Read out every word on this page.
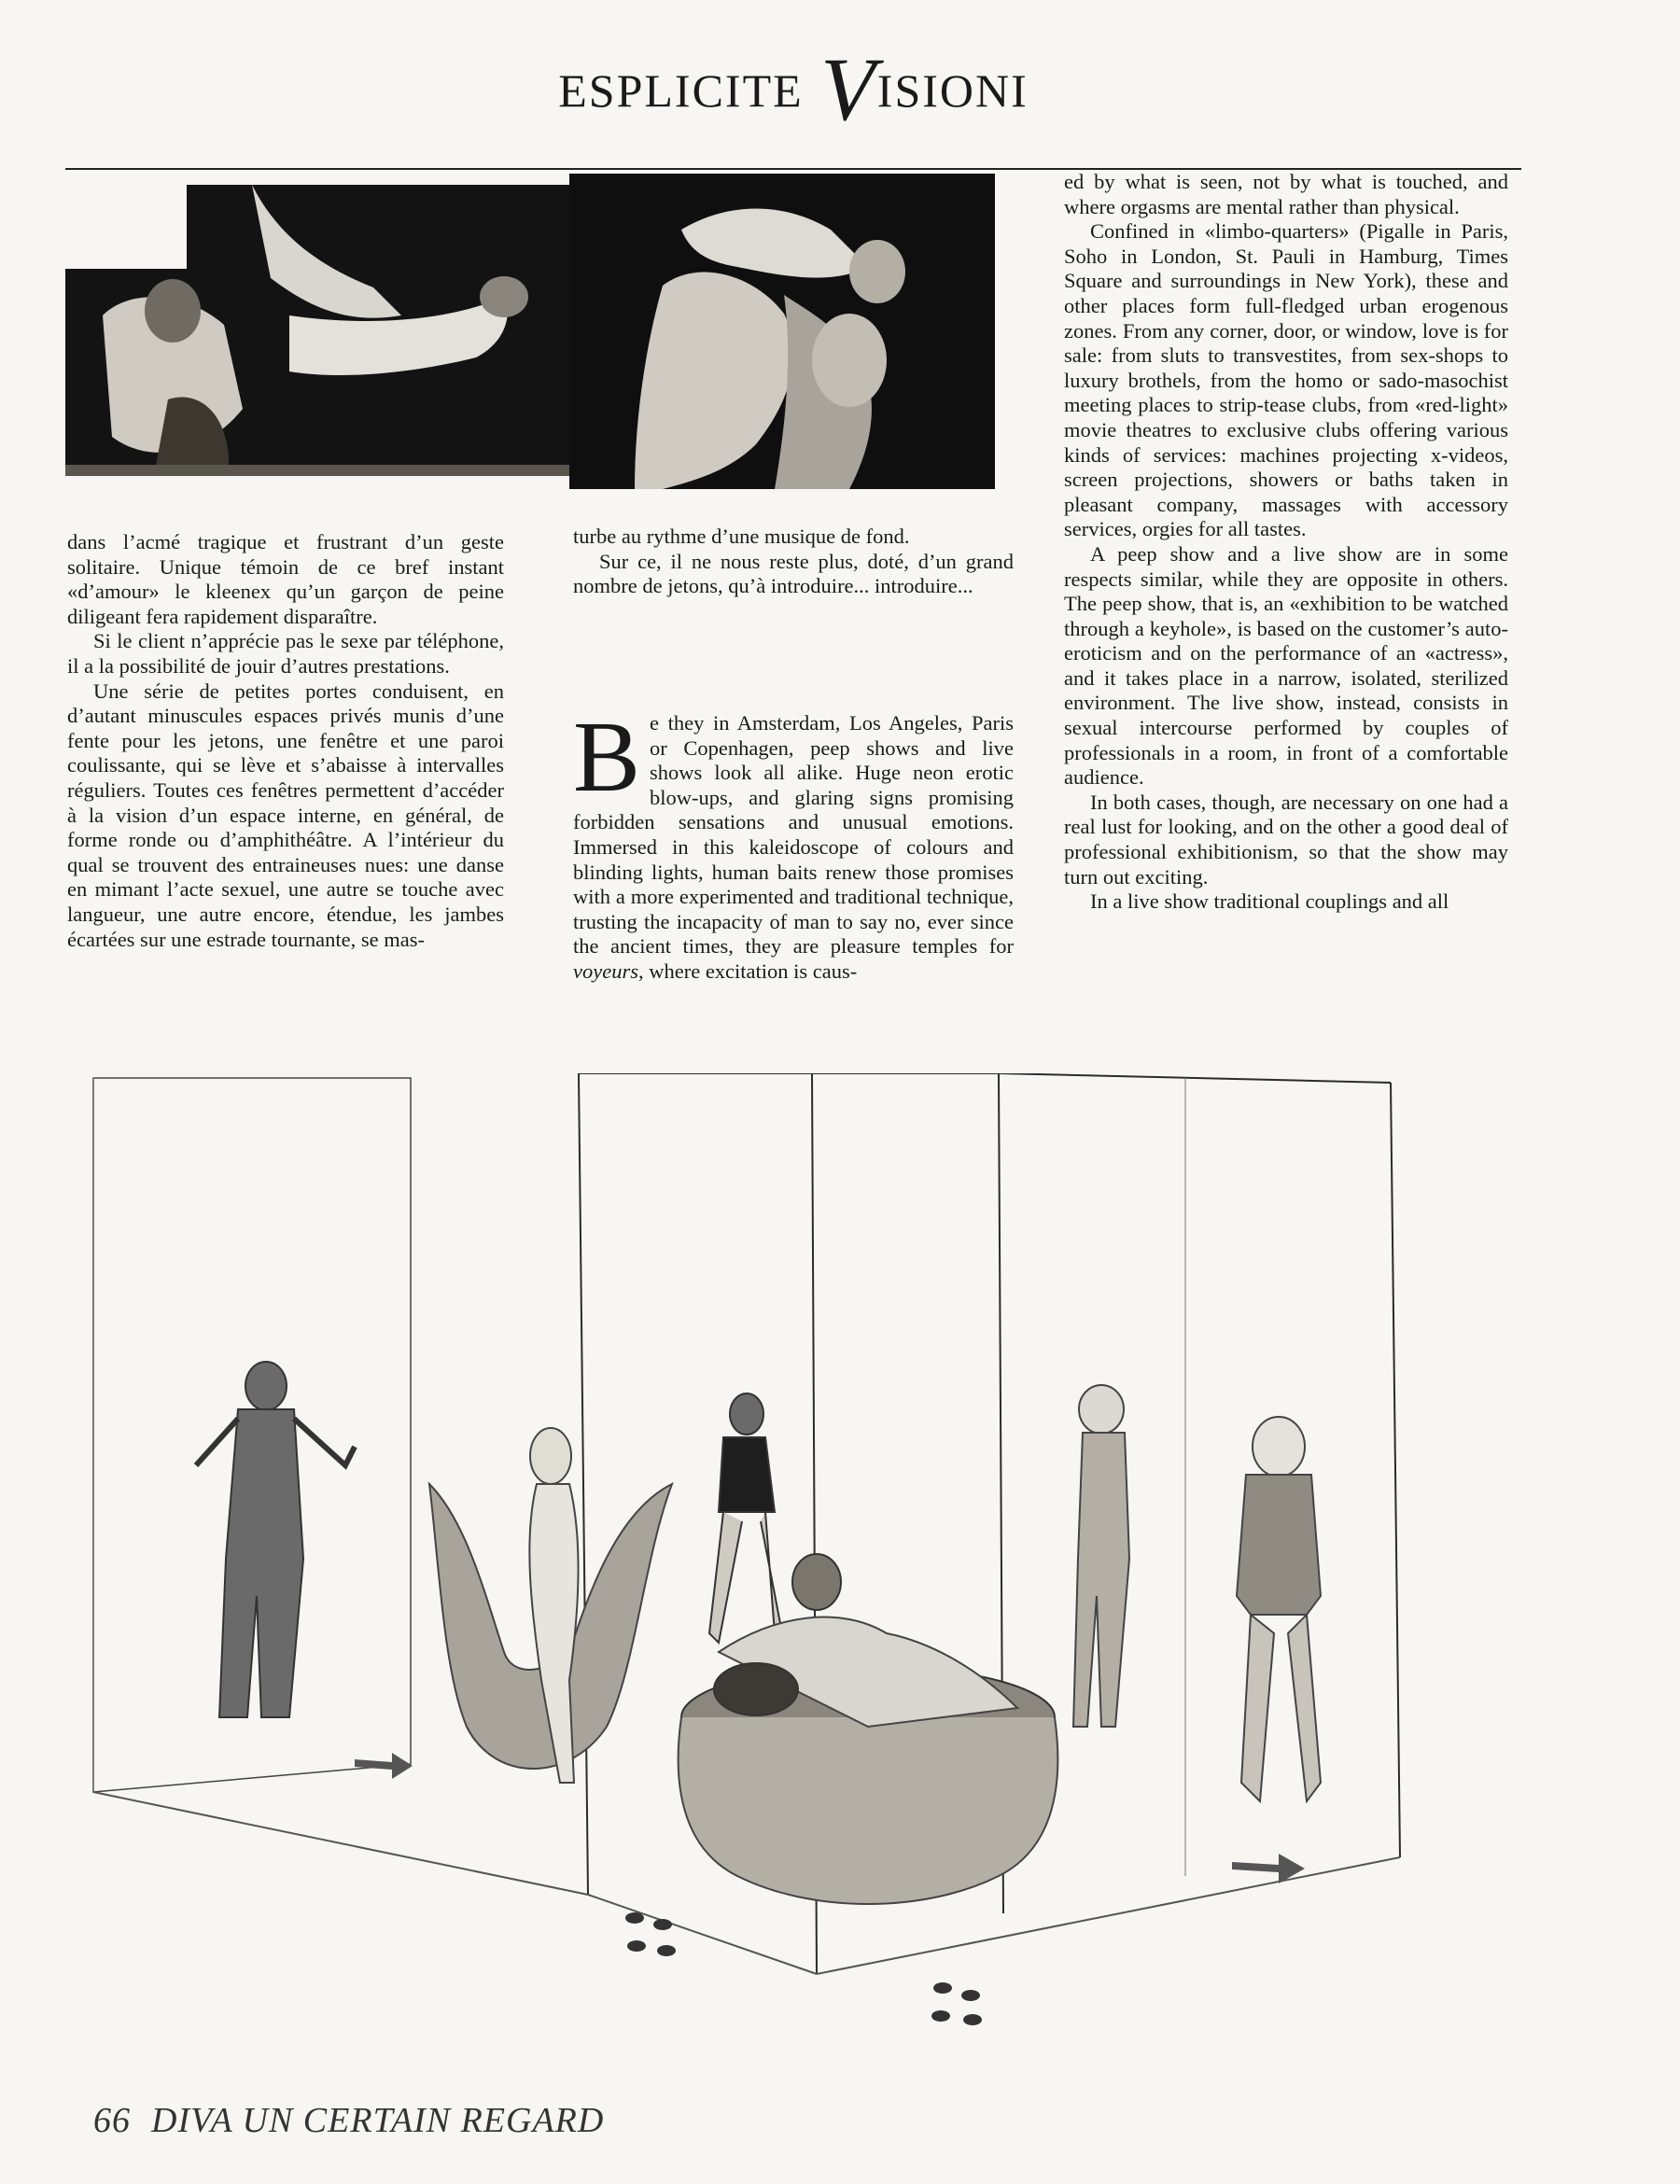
ESPLICITE VISIONI

dans l’acmé tragique et frustrant d’un geste solitaire. Unique témoin de ce bref instant «d’amour» le kleenex qu’un garçon de peine diligeant fera rapidement disparaître.

Si le client n’apprécie pas le sexe par téléphone, il a la possibilité de jouir d’autres prestations.

Une série de petites portes conduisent, en d’autant minuscules espaces privés munis d’une fente pour les jetons, une fenêtre et une paroi coulissante, qui se lève et s’abaisse à intervalles réguliers. Toutes ces fenêtres permettent d’accéder à la vision d’un espace interne, en général, de forme ronde ou d’amphithéâtre. A l’intérieur du qual se trouvent des entraineuses nues: une danse en mimant l’acte sexuel, une autre se touche avec langueur, une autre encore, étendue, les jambes écartées sur une estrade tournante, se mas-

turbe au rythme d’une musique de fond.

Sur ce, il ne nous reste plus, doté, d’un grand nombre de jetons, qu’à introduire... introduire...

Be they in Amsterdam, Los Angeles, Paris or Copenhagen, peep shows and live shows look all alike. Huge neon erotic blow-ups, and glaring signs promising forbidden sensations and unusual emotions. Immersed in this kaleidoscope of colours and blinding lights, human baits renew those promises with a more experimented and traditional technique, trusting the incapacity of man to say no, ever since the ancient times, they are pleasure temples for voyeurs, where excitation is caus-

ed by what is seen, not by what is touched, and where orgasms are mental rather than physical.

Confined in «limbo-quarters» (Pigalle in Paris, Soho in London, St. Pauli in Hamburg, Times Square and surroundings in New York), these and other places form full-fledged urban erogenous zones. From any corner, door, or window, love is for sale: from sluts to transvestites, from sex-shops to luxury brothels, from the homo or sado-masochist meeting places to strip-tease clubs, from «red-light» movie theatres to exclusive clubs offering various kinds of services: machines projecting x-videos, screen projections, showers or baths taken in pleasant company, massages with accessory services, orgies for all tastes.

A peep show and a live show are in some respects similar, while they are opposite in others. The peep show, that is, an «exhibition to be watched through a keyhole», is based on the customer’s auto-eroticism and on the performance of an «actress», and it takes place in a narrow, isolated, sterilized environment. The live show, instead, consists in sexual intercourse performed by couples of professionals in a room, in front of a comfortable audience.

In both cases, though, are necessary on one had a real lust for looking, and on the other a good deal of professional exhibitionism, so that the show may turn out exciting.

In a live show traditional couplings and all

66 DIVA UN CERTAIN REGARD
